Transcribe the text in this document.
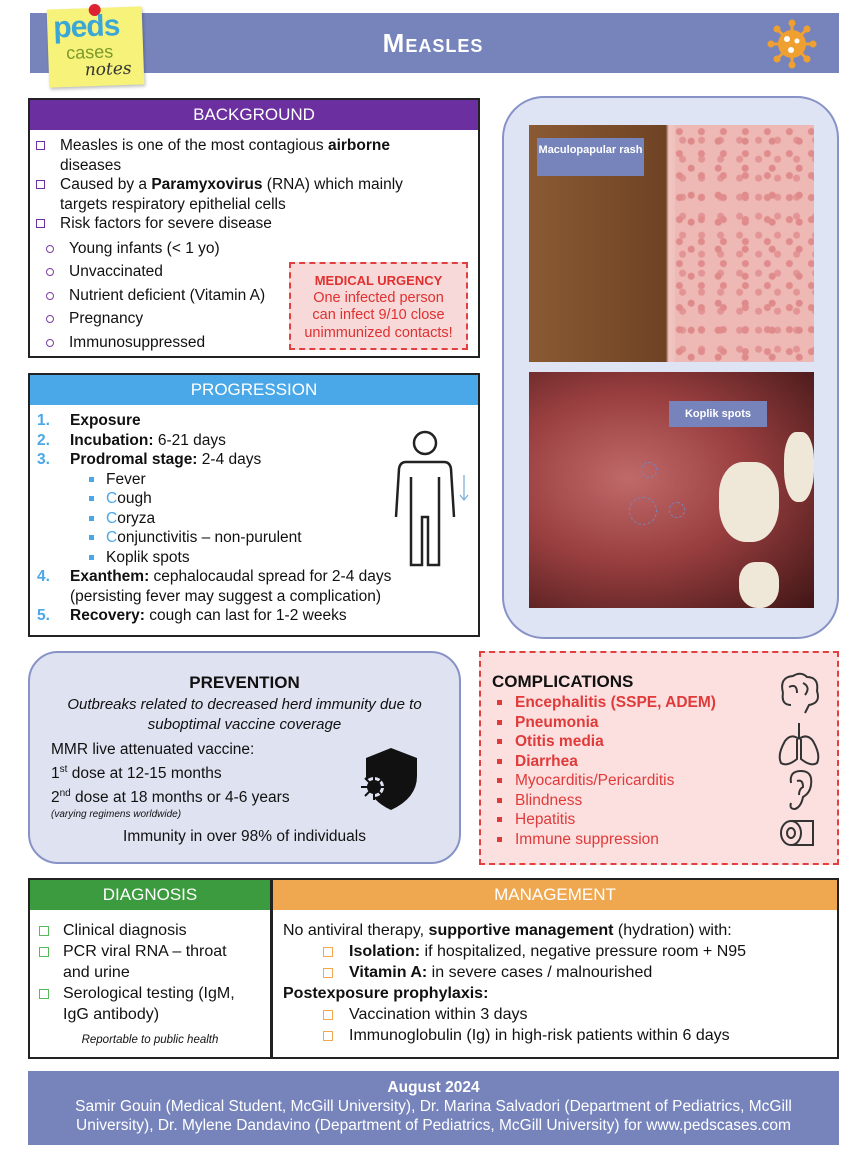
Measles
peds
cases
notes
BACKGROUND
Measles is one of the most contagious airborne
diseases
Caused by a Paramyxovirus (RNA) which mainly
targets respiratory epithelial cells
Risk factors for severe disease
Young infants (< 1 yo)
Unvaccinated
Nutrient deficient (Vitamin A)
Pregnancy
Immunosuppressed
MEDICAL URGENCY
One infected person
can infect 9/10 close
unimmunized contacts!
Maculopapular rash
Koplik spots
PROGRESSION
1. Exposure
2. Incubation: 6-21 days
3. Prodromal stage: 2-4 days
Fever
Cough
Coryza
Conjunctivitis – non-purulent
Koplik spots
4. Exanthem: cephalocaudal spread for 2-4 days
(persisting fever may suggest a complication)
5. Recovery: cough can last for 1-2 weeks
PREVENTION
Outbreaks related to decreased herd immunity due to
suboptimal vaccine coverage
MMR live attenuated vaccine:
1st dose at 12-15 months
2nd dose at 18 months or 4-6 years
(varying regimens worldwide)
Immunity in over 98% of individuals
COMPLICATIONS
Encephalitis (SSPE, ADEM)
Pneumonia
Otitis media
Diarrhea
Myocarditis/Pericarditis
Blindness
Hepatitis
Immune suppression
DIAGNOSIS
Clinical diagnosis
PCR viral RNA – throat
and urine
Serological testing (IgM,
IgG antibody)
Reportable to public health
MANAGEMENT
No antiviral therapy, supportive management (hydration) with:
Isolation: if hospitalized, negative pressure room + N95
Vitamin A: in severe cases / malnourished
Postexposure prophylaxis:
Vaccination within 3 days
Immunoglobulin (Ig) in high-risk patients within 6 days
August 2024
Samir Gouin (Medical Student, McGill University), Dr. Marina Salvadori (Department of Pediatrics, McGill
University), Dr. Mylene Dandavino (Department of Pediatrics, McGill University) for www.pedscases.com
